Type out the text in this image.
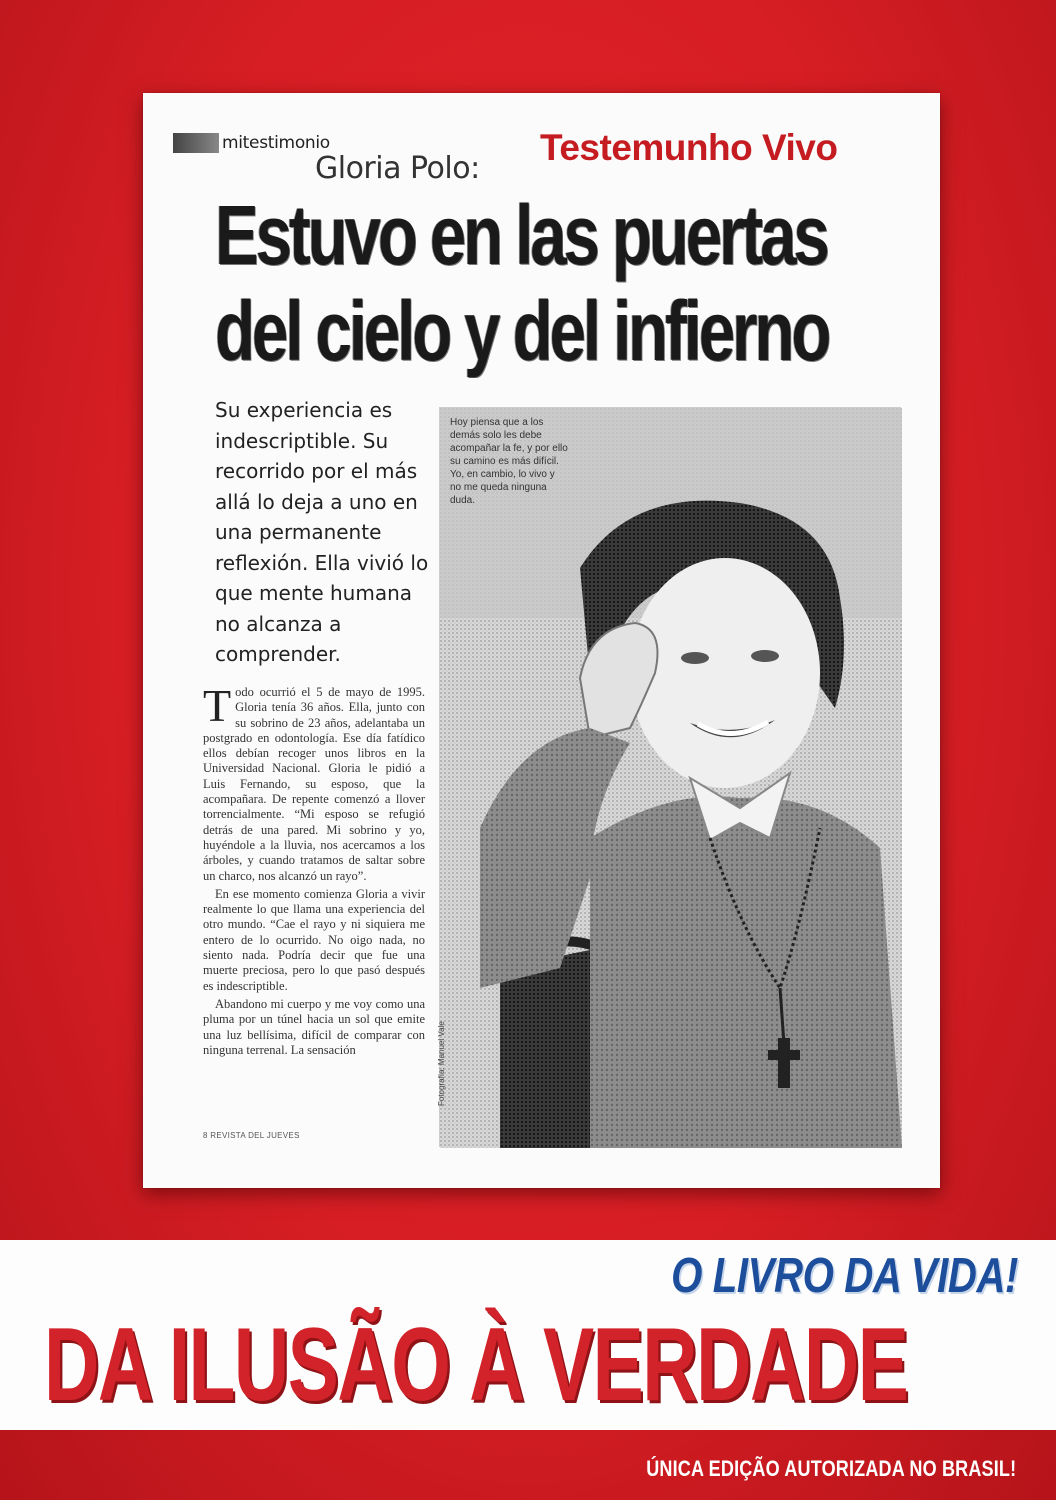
mitestimonio
Gloria Polo:
Testemunho Vivo
Estuvo en las puertas
del cielo y del infierno
Su experiencia es indescriptible. Su recorrido por el más allá lo deja a uno en una permanente reflexión. Ella vivió lo que mente humana no alcanza a comprender.

Todo ocurrió el 5 de mayo de 1995. Gloria tenía 36 años. Ella, junto con su sobrino de 23 años, adelantaba un postgrado en odontología. Ese día fatídico ellos debían recoger unos libros en la Universidad Nacional. Gloria le pidió a Luis Fernando, su esposo, que la acompañara. De repente comenzó a llover torrencialmente. “Mi esposo se refugió detrás de una pared. Mi sobrino y yo, huyéndole a la lluvia, nos acercamos a los árboles, y cuando tratamos de saltar sobre un charco, nos alcanzó un rayo”.

En ese momento comienza Gloria a vivir realmente lo que llama una experiencia del otro mundo. “Cae el rayo y ni siquiera me entero de lo ocurrido. No oigo nada, no siento nada. Podría decir que fue una muerte preciosa, pero lo que pasó después es indescriptible.

Abandono mi cuerpo y me voy como una pluma por un túnel hacia un sol que emite una luz bellísima, difícil de comparar con ninguna terrenal. La sensación

8 REVISTA DEL JUEVES
Hoy piensa que a los demás solo les debe acompañar la fe, y por ello su camino es más difícil. Yo, en cambio, lo vivo y no me queda ninguna duda.
Fotografía: Manuel Vale
O LIVRO DA VIDA!
DA ILUSÃO À VERDADE
ÚNICA EDIÇÃO AUTORIZADA NO BRASIL!
